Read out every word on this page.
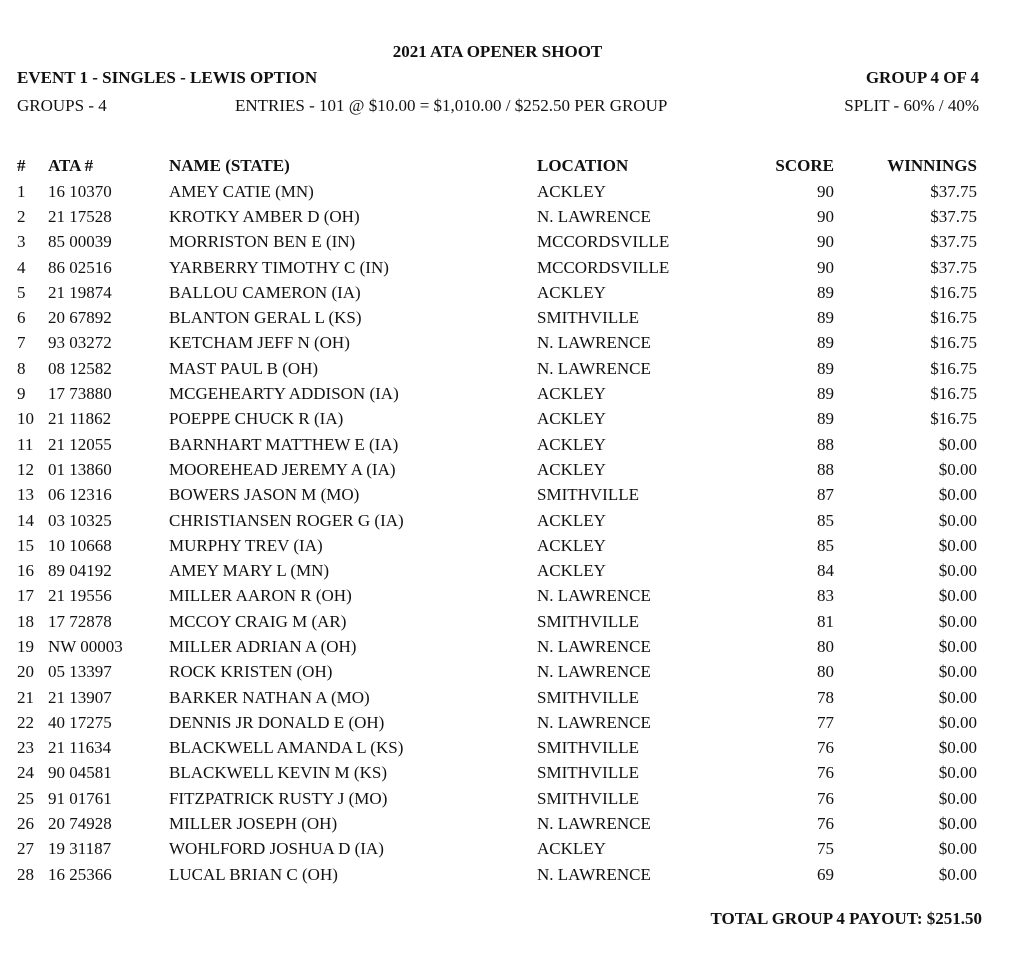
2021 ATA OPENER SHOOT
EVENT 1 - SINGLES - LEWIS OPTION	GROUP 4 OF 4
GROUPS - 4	ENTRIES - 101 @ $10.00 = $1,010.00 / $252.50 PER GROUP	SPLIT - 60% / 40%
#	ATA #	NAME (STATE)	LOCATION	SCORE	WINNINGS
1	16 10370	AMEY CATIE (MN)	ACKLEY	90	$37.75
2	21 17528	KROTKY AMBER D (OH)	N. LAWRENCE	90	$37.75
3	85 00039	MORRISTON BEN E (IN)	MCCORDSVILLE	90	$37.75
4	86 02516	YARBERRY TIMOTHY C (IN)	MCCORDSVILLE	90	$37.75
5	21 19874	BALLOU CAMERON (IA)	ACKLEY	89	$16.75
6	20 67892	BLANTON GERAL L (KS)	SMITHVILLE	89	$16.75
7	93 03272	KETCHAM JEFF N (OH)	N. LAWRENCE	89	$16.75
8	08 12582	MAST PAUL B (OH)	N. LAWRENCE	89	$16.75
9	17 73880	MCGEHEARTY ADDISON (IA)	ACKLEY	89	$16.75
10	21 11862	POEPPE CHUCK R (IA)	ACKLEY	89	$16.75
11	21 12055	BARNHART MATTHEW E (IA)	ACKLEY	88	$0.00
12	01 13860	MOOREHEAD JEREMY A (IA)	ACKLEY	88	$0.00
13	06 12316	BOWERS JASON M (MO)	SMITHVILLE	87	$0.00
14	03 10325	CHRISTIANSEN ROGER G (IA)	ACKLEY	85	$0.00
15	10 10668	MURPHY TREV (IA)	ACKLEY	85	$0.00
16	89 04192	AMEY MARY L (MN)	ACKLEY	84	$0.00
17	21 19556	MILLER AARON R (OH)	N. LAWRENCE	83	$0.00
18	17 72878	MCCOY CRAIG M (AR)	SMITHVILLE	81	$0.00
19	NW 00003	MILLER ADRIAN A (OH)	N. LAWRENCE	80	$0.00
20	05 13397	ROCK KRISTEN (OH)	N. LAWRENCE	80	$0.00
21	21 13907	BARKER NATHAN A (MO)	SMITHVILLE	78	$0.00
22	40 17275	DENNIS JR DONALD E (OH)	N. LAWRENCE	77	$0.00
23	21 11634	BLACKWELL AMANDA L (KS)	SMITHVILLE	76	$0.00
24	90 04581	BLACKWELL KEVIN M (KS)	SMITHVILLE	76	$0.00
25	91 01761	FITZPATRICK RUSTY J (MO)	SMITHVILLE	76	$0.00
26	20 74928	MILLER JOSEPH (OH)	N. LAWRENCE	76	$0.00
27	19 31187	WOHLFORD JOSHUA D (IA)	ACKLEY	75	$0.00
28	16 25366	LUCAL BRIAN C (OH)	N. LAWRENCE	69	$0.00
TOTAL GROUP 4 PAYOUT: $251.50
